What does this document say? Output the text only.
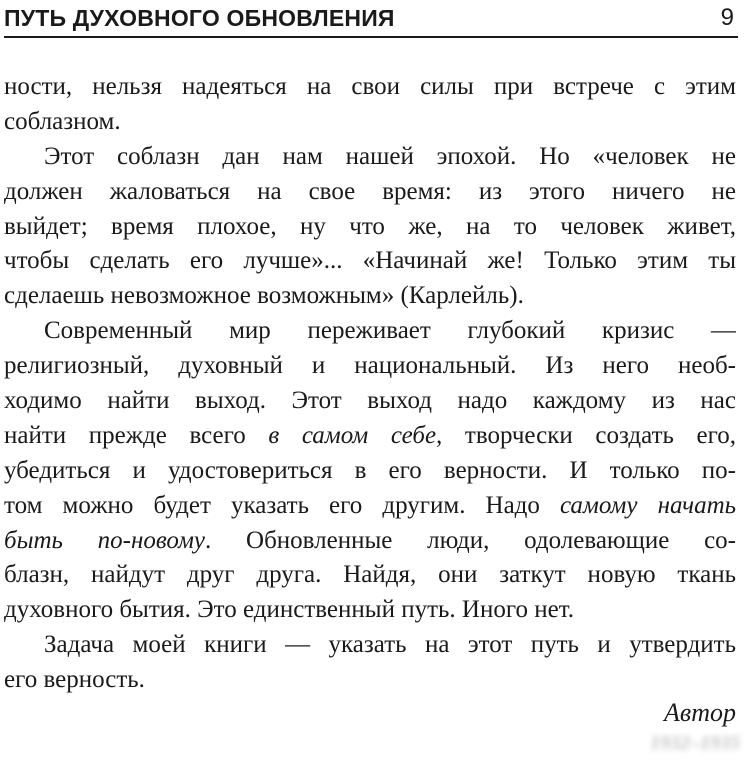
ПУТЬ ДУХОВНОГО ОБНОВЛЕНИЯ	9
ности, нельзя надеяться на свои силы при встрече с этим
соблазном.
Этот соблазн дан нам нашей эпохой. Но «человек не
должен жаловаться на свое время: из этого ничего не
выйдет; время плохое, ну что же, на то человек живет,
чтобы сделать его лучше»... «Начинай же! Только этим ты
сделаешь невозможное возможным» (Карлейль).
Современный мир переживает глубокий кризис —
религиозный, духовный и национальный. Из него необ-
ходимо найти выход. Этот выход надо каждому из нас
найти прежде всего в самом себе, творчески создать его,
убедиться и удостовериться в его верности. И только по-
том можно будет указать его другим. Надо самому начать
быть по-новому. Обновленные люди, одолевающие со-
блазн, найдут друг друга. Найдя, они заткут новую ткань
духовного бытия. Это единственный путь. Иного нет.
Задача моей книги — указать на этот путь и утвердить
его верность.
Автор
1932–1935
